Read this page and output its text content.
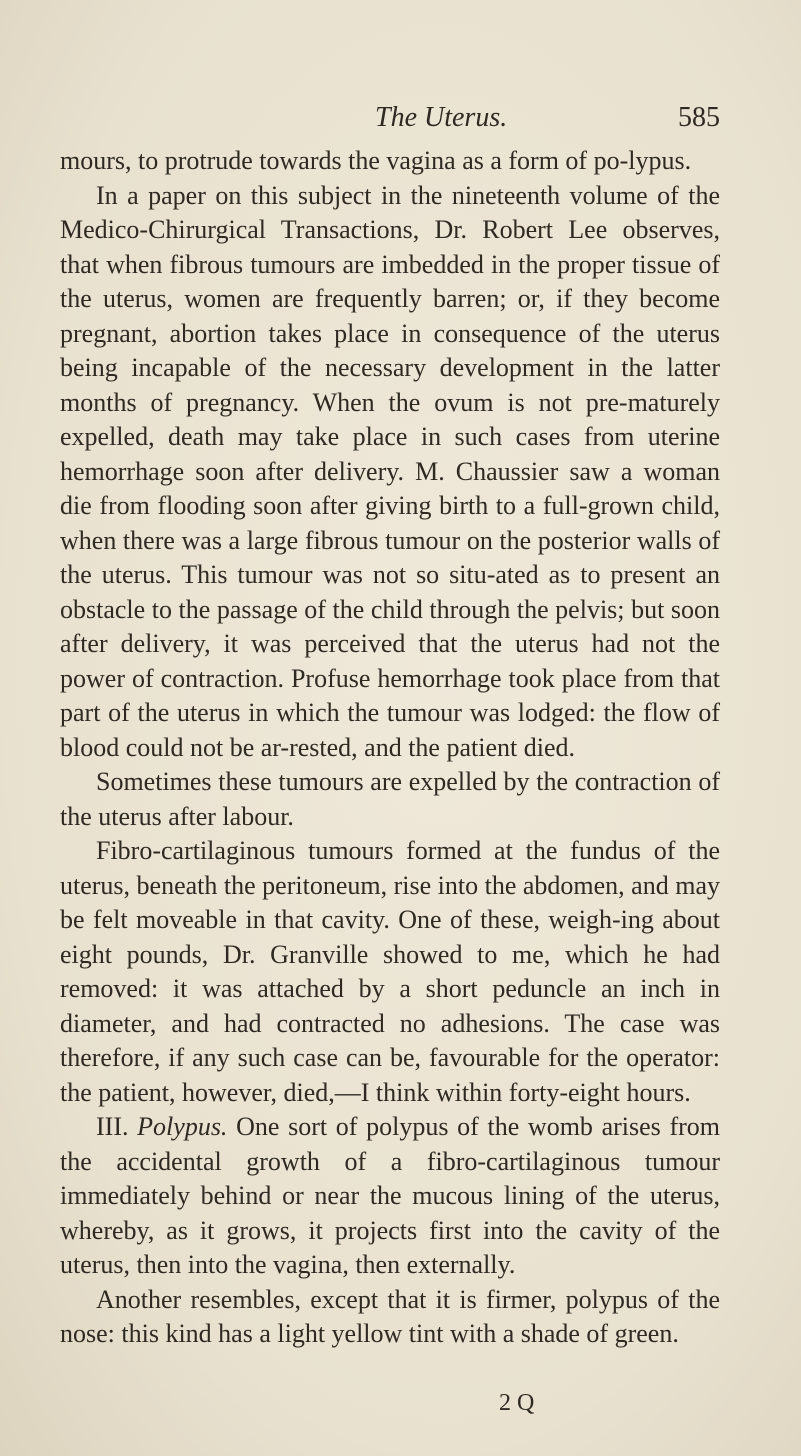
The Uterus.	585

mours, to protrude towards the vagina as a form of po-lypus.

In a paper on this subject in the nineteenth volume of the Medico-Chirurgical Transactions, Dr. Robert Lee observes, that when fibrous tumours are imbedded in the proper tissue of the uterus, women are frequently barren; or, if they become pregnant, abortion takes place in consequence of the uterus being incapable of the necessary development in the latter months of pregnancy. When the ovum is not pre-maturely expelled, death may take place in such cases from uterine hemorrhage soon after delivery. M. Chaussier saw a woman die from flooding soon after giving birth to a full-grown child, when there was a large fibrous tumour on the posterior walls of the uterus. This tumour was not so situ-ated as to present an obstacle to the passage of the child through the pelvis; but soon after delivery, it was perceived that the uterus had not the power of contraction. Profuse hemorrhage took place from that part of the uterus in which the tumour was lodged: the flow of blood could not be ar-rested, and the patient died.

Sometimes these tumours are expelled by the contraction of the uterus after labour.

Fibro-cartilaginous tumours formed at the fundus of the uterus, beneath the peritoneum, rise into the abdomen, and may be felt moveable in that cavity. One of these, weigh-ing about eight pounds, Dr. Granville showed to me, which he had removed: it was attached by a short peduncle an inch in diameter, and had contracted no adhesions. The case was therefore, if any such case can be, favourable for the operator: the patient, however, died,—I think within forty-eight hours.

III. Polypus. One sort of polypus of the womb arises from the accidental growth of a fibro-cartilaginous tumour immediately behind or near the mucous lining of the uterus, whereby, as it grows, it projects first into the cavity of the uterus, then into the vagina, then externally.

Another resembles, except that it is firmer, polypus of the nose: this kind has a light yellow tint with a shade of green.

2 Q
